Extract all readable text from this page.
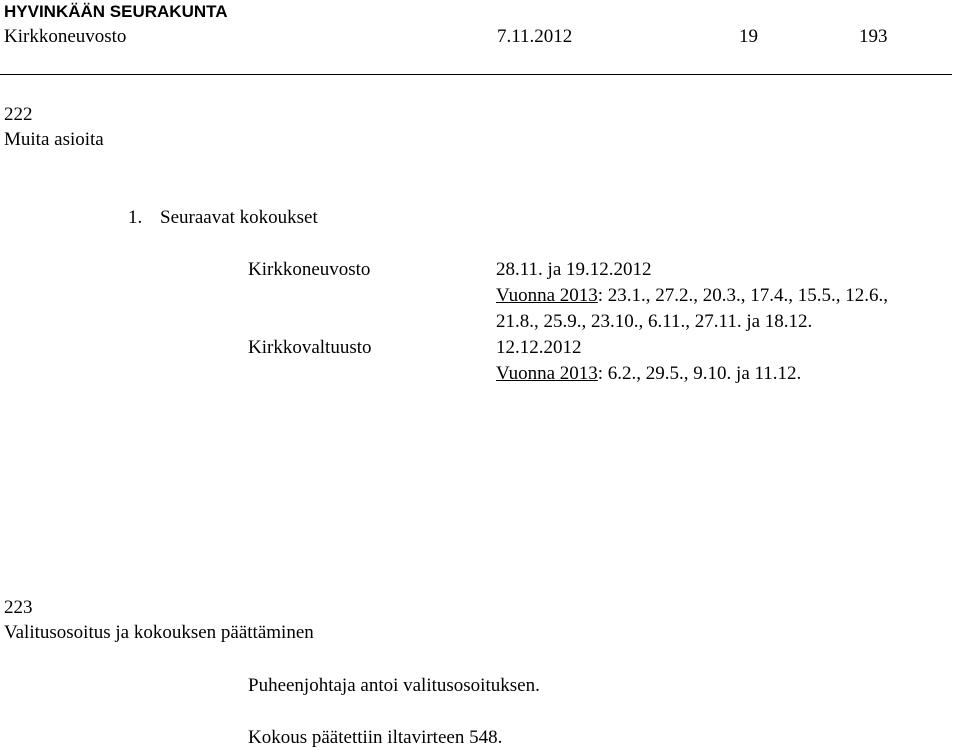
HYVINKÄÄN SEURAKUNTA
Kirkkoneuvosto	7.11.2012	19	193
222
Muita asioita
1. Seuraavat kokoukset
Kirkkoneuvosto	28.11. ja 19.12.2012
Vuonna 2013: 23.1., 27.2., 20.3., 17.4., 15.5., 12.6.,
21.8., 25.9., 23.10., 6.11., 27.11. ja 18.12.
Kirkkovaltuusto	12.12.2012
Vuonna 2013: 6.2., 29.5., 9.10. ja 11.12.
223
Valitusosoitus ja kokouksen päättäminen
Puheenjohtaja antoi valitusosoituksen.
Kokous päätettiin iltavirteen 548.
